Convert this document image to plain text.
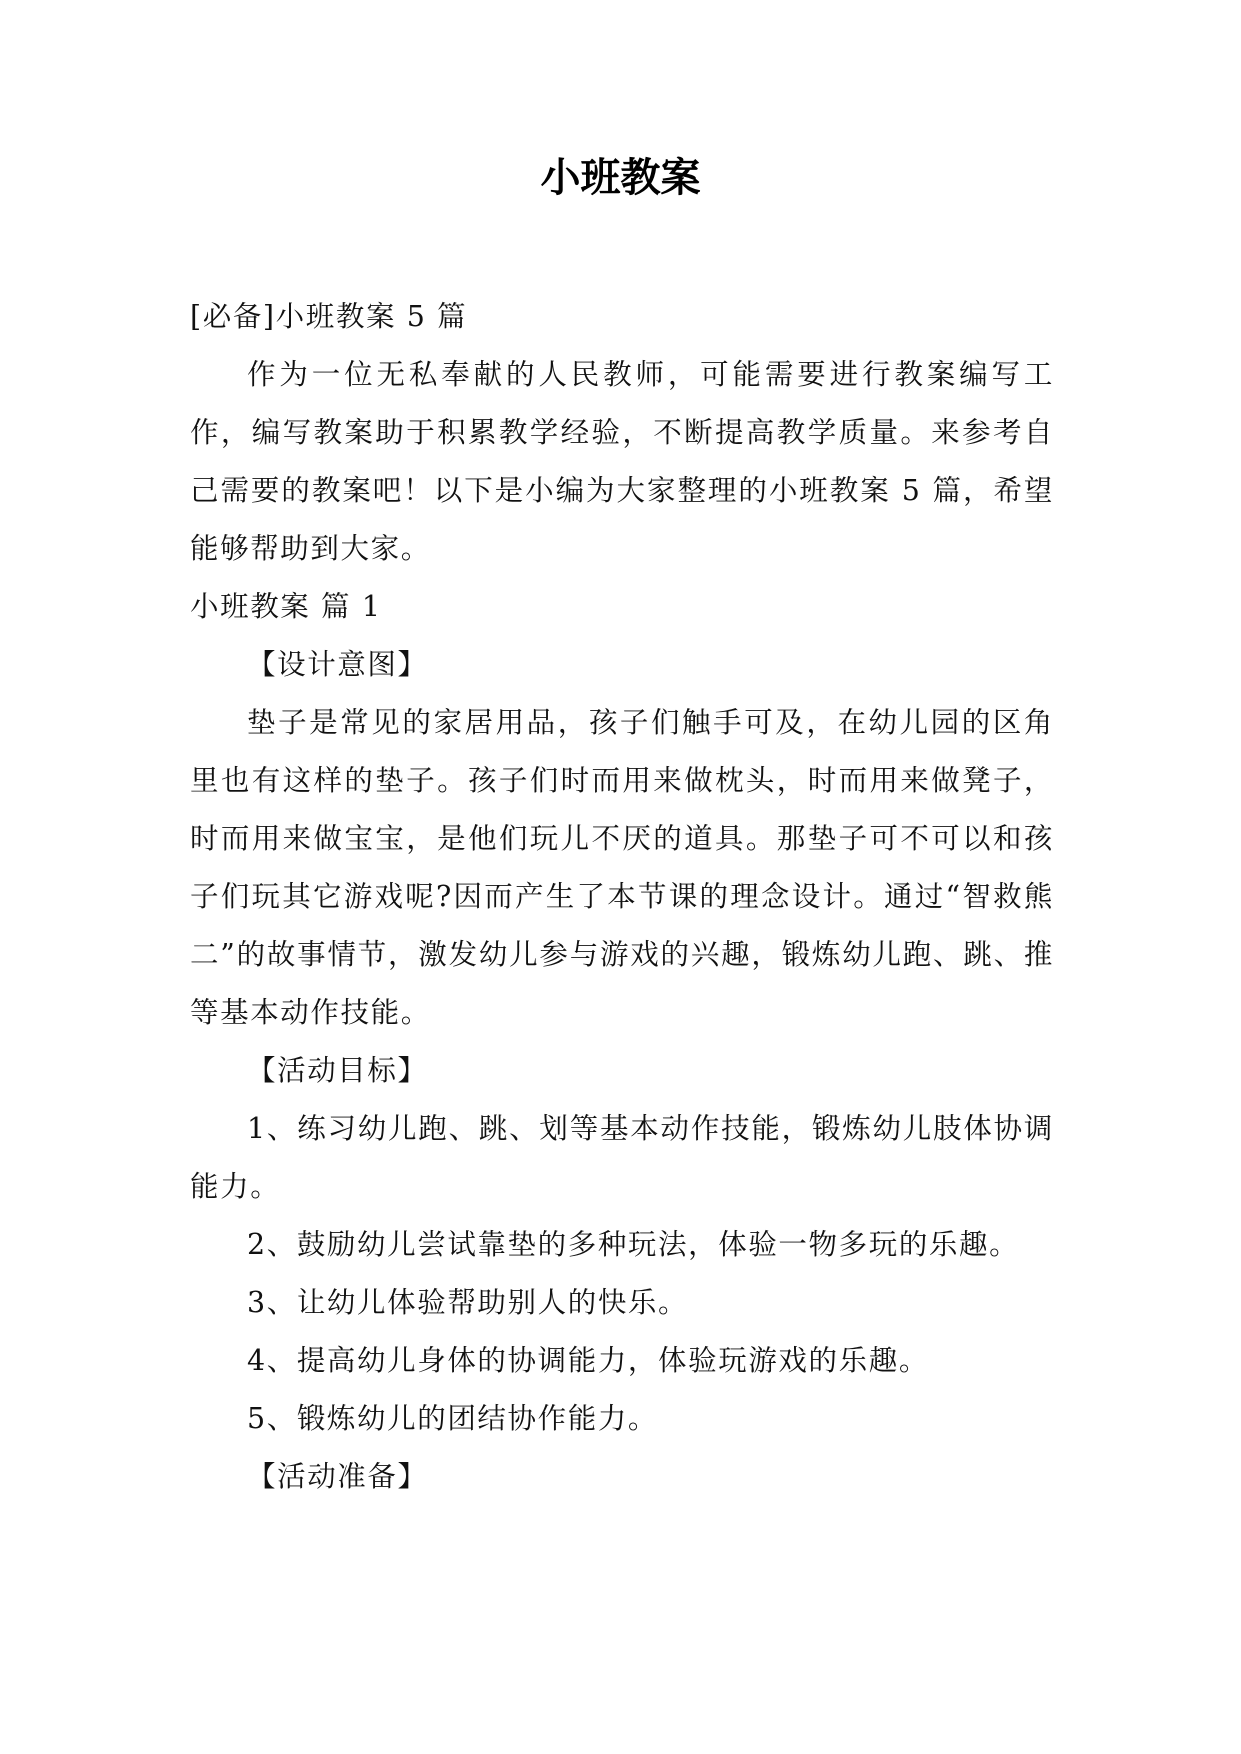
小班教案

[必备]小班教案 5 篇

作为一位无私奉献的人民教师，可能需要进行教案编写工作，编写教案助于积累教学经验，不断提高教学质量。来参考自己需要的教案吧！以下是小编为大家整理的小班教案 5 篇，希望能够帮助到大家。

小班教案 篇 1

【设计意图】

垫子是常见的家居用品，孩子们触手可及，在幼儿园的区角里也有这样的垫子。孩子们时而用来做枕头，时而用来做凳子，时而用来做宝宝，是他们玩儿不厌的道具。那垫子可不可以和孩子们玩其它游戏呢?因而产生了本节课的理念设计。通过“智救熊二”的故事情节，激发幼儿参与游戏的兴趣，锻炼幼儿跑、跳、推等基本动作技能。

【活动目标】

1、练习幼儿跑、跳、划等基本动作技能，锻炼幼儿肢体协调能力。

2、鼓励幼儿尝试靠垫的多种玩法，体验一物多玩的乐趣。

3、让幼儿体验帮助别人的快乐。

4、提高幼儿身体的协调能力，体验玩游戏的乐趣。

5、锻炼幼儿的团结协作能力。

【活动准备】
